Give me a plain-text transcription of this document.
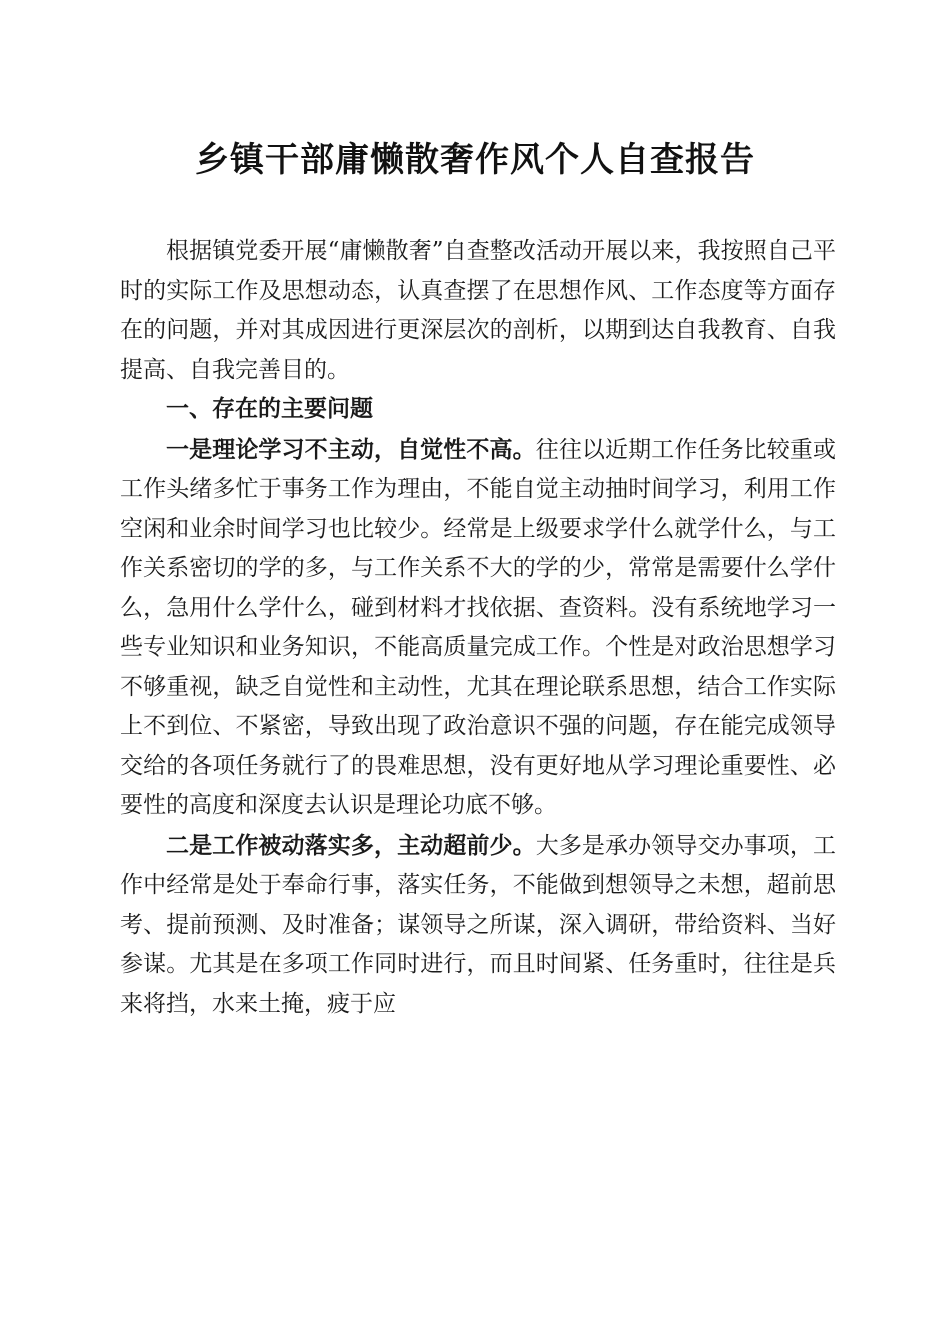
乡镇干部庸懒散奢作风个人自查报告

根据镇党委开展“庸懒散奢”自查整改活动开展以来，我按照自己平时的实际工作及思想动态，认真查摆了在思想作风、工作态度等方面存在的问题，并对其成因进行更深层次的剖析，以期到达自我教育、自我提高、自我完善目的。

一、存在的主要问题

一是理论学习不主动，自觉性不高。往往以近期工作任务比较重或工作头绪多忙于事务工作为理由，不能自觉主动抽时间学习，利用工作空闲和业余时间学习也比较少。经常是上级要求学什么就学什么，与工作关系密切的学的多，与工作关系不大的学的少，常常是需要什么学什么，急用什么学什么，碰到材料才找依据、查资料。没有系统地学习一些专业知识和业务知识，不能高质量完成工作。个性是对政治思想学习不够重视，缺乏自觉性和主动性，尤其在理论联系思想，结合工作实际上不到位、不紧密，导致出现了政治意识不强的问题，存在能完成领导交给的各项任务就行了的畏难思想，没有更好地从学习理论重要性、必要性的高度和深度去认识是理论功底不够。

二是工作被动落实多，主动超前少。大多是承办领导交办事项，工作中经常是处于奉命行事，落实任务，不能做到想领导之未想，超前思考、提前预测、及时准备；谋领导之所谋，深入调研，带给资料、当好参谋。尤其是在多项工作同时进行，而且时间紧、任务重时，往往是兵来将挡，水来土掩，疲于应
